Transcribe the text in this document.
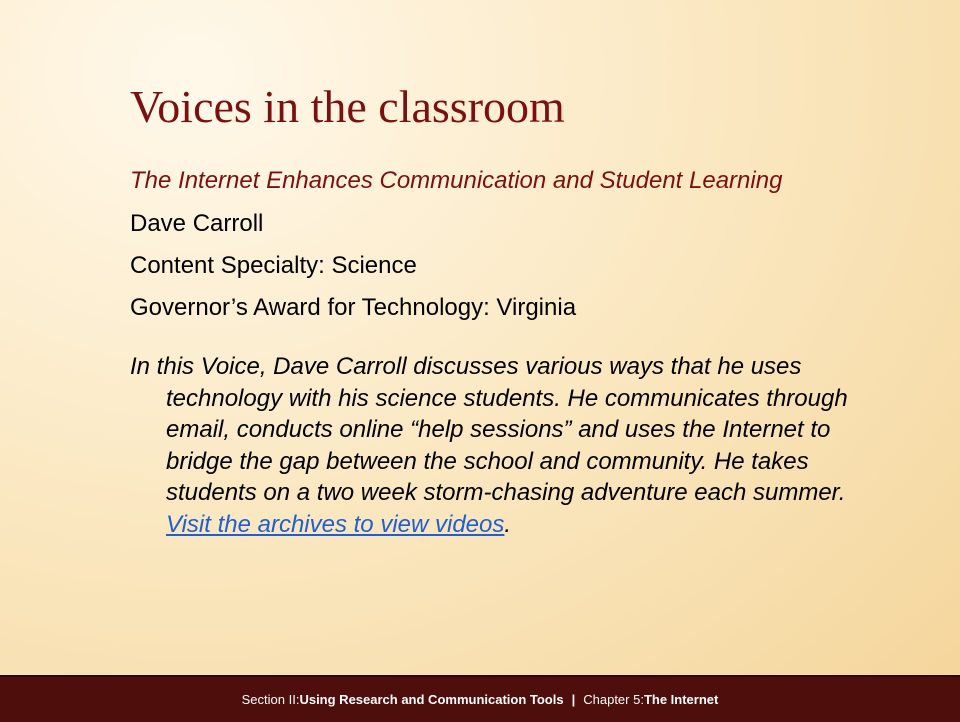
Voices in the classroom

The Internet Enhances Communication and Student Learning

Dave Carroll

Content Specialty: Science

Governor’s Award for Technology: Virginia

In this Voice, Dave Carroll discusses various ways that he uses technology with his science students. He communicates through email, conducts online “help sessions” and uses the Internet to bridge the gap between the school and community. He takes students on a two week storm-chasing adventure each summer. Visit the archives to view videos.

Section II: Using Research and Communication Tools | Chapter 5: The Internet
